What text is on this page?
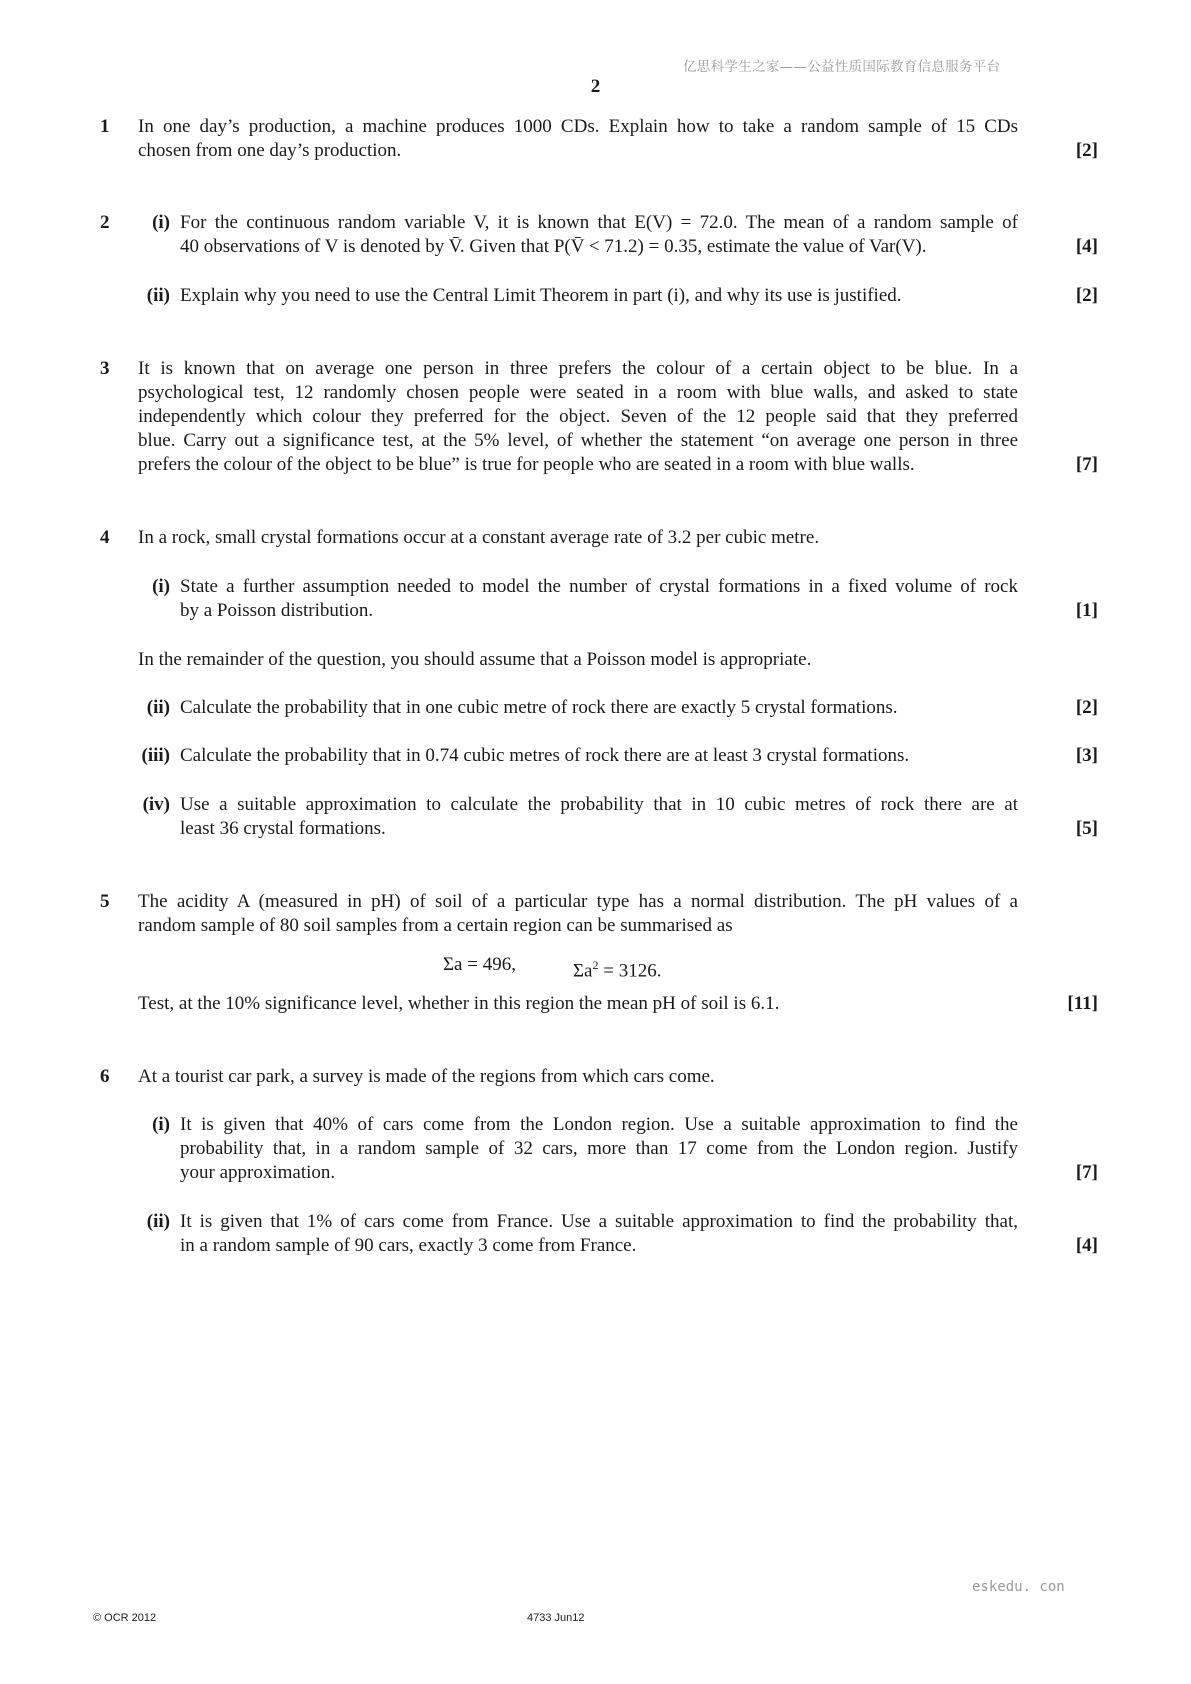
亿思科学生之家——公益性质国际教育信息服务平台
2
1 In one day’s production, a machine produces 1000 CDs. Explain how to take a random sample of 15 CDs
chosen from one day’s production.	[2]
2	(i) For the continuous random variable V, it is known that E(V) = 72.0. The mean of a random sample of
40 observations of V is denoted by V̄. Given that P(V̄ < 71.2) = 0.35, estimate the value of Var(V).	[4]
(ii) Explain why you need to use the Central Limit Theorem in part (i), and why its use is justified.	[2]
3 It is known that on average one person in three prefers the colour of a certain object to be blue. In a
psychological test, 12 randomly chosen people were seated in a room with blue walls, and asked to state
independently which colour they preferred for the object. Seven of the 12 people said that they preferred
blue. Carry out a significance test, at the 5% level, of whether the statement “on average one person in three
prefers the colour of the object to be blue” is true for people who are seated in a room with blue walls.	[7]
4 In a rock, small crystal formations occur at a constant average rate of 3.2 per cubic metre.
(i) State a further assumption needed to model the number of crystal formations in a fixed volume of rock
by a Poisson distribution.	[1]
In the remainder of the question, you should assume that a Poisson model is appropriate.
(ii) Calculate the probability that in one cubic metre of rock there are exactly 5 crystal formations.	[2]
(iii) Calculate the probability that in 0.74 cubic metres of rock there are at least 3 crystal formations.	[3]
(iv) Use a suitable approximation to calculate the probability that in 10 cubic metres of rock there are at
least 36 crystal formations.	[5]
5 The acidity A (measured in pH) of soil of a particular type has a normal distribution. The pH values of a
random sample of 80 soil samples from a certain region can be summarised as
Σa = 496,	$\Sigma a^2 = 3126$.
Test, at the 10% significance level, whether in this region the mean pH of soil is 6.1.	[11]
6 At a tourist car park, a survey is made of the regions from which cars come.
(i) It is given that 40% of cars come from the London region. Use a suitable approximation to find the
probability that, in a random sample of 32 cars, more than 17 come from the London region. Justify
your approximation.	[7]
(ii) It is given that 1% of cars come from France. Use a suitable approximation to find the probability that,
in a random sample of 90 cars, exactly 3 come from France.	[4]
eskedu. con
© OCR 2012	4733 Jun12
